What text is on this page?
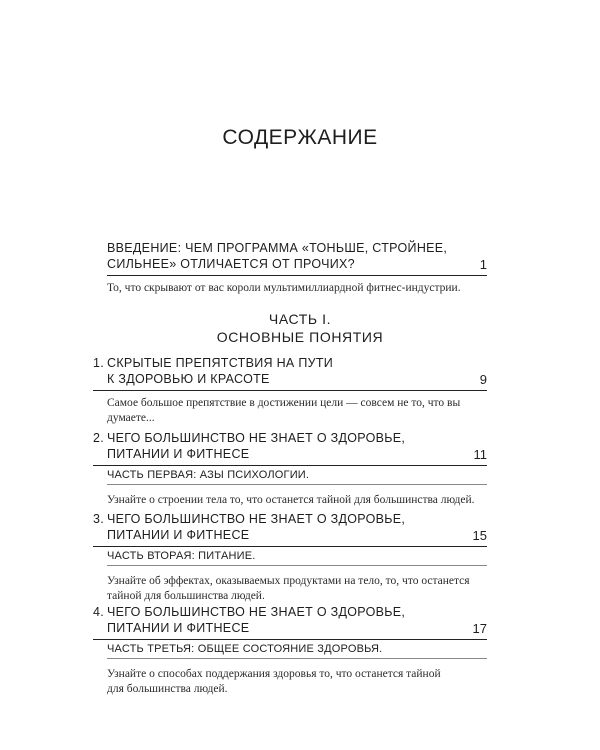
СОДЕРЖАНИЕ
ВВЕДЕНИЕ: ЧЕМ ПРОГРАММА «ТОНЬШЕ, СТРОЙНЕЕ,
СИЛЬНЕЕ» ОТЛИЧАЕТСЯ ОТ ПРОЧИХ?	1
То, что скрывают от вас короли мультимиллиардной фитнес-индустрии.
ЧАСТЬ I.
ОСНОВНЫЕ ПОНЯТИЯ
1. СКРЫТЫЕ ПРЕПЯТСТВИЯ НА ПУТИ
К ЗДОРОВЬЮ И КРАСОТЕ	9
Самое большое препятствие в достижении цели — совсем не то, что вы
думаете...
2. ЧЕГО БОЛЬШИНСТВО НЕ ЗНАЕТ О ЗДОРОВЬЕ,
ПИТАНИИ И ФИТНЕСЕ	11
ЧАСТЬ ПЕРВАЯ: АЗЫ ПСИХОЛОГИИ.
Узнайте о строении тела то, что останется тайной для большинства людей.
3. ЧЕГО БОЛЬШИНСТВО НЕ ЗНАЕТ О ЗДОРОВЬЕ,
ПИТАНИИ И ФИТНЕСЕ	15
ЧАСТЬ ВТОРАЯ: ПИТАНИЕ.
Узнайте об эффектах, оказываемых продуктами на тело, то, что останется
тайной для большинства людей.
4. ЧЕГО БОЛЬШИНСТВО НЕ ЗНАЕТ О ЗДОРОВЬЕ,
ПИТАНИИ И ФИТНЕСЕ	17
ЧАСТЬ ТРЕТЬЯ: ОБЩЕЕ СОСТОЯНИЕ ЗДОРОВЬЯ.
Узнайте о способах поддержания здоровья то, что останется тайной
для большинства людей.
